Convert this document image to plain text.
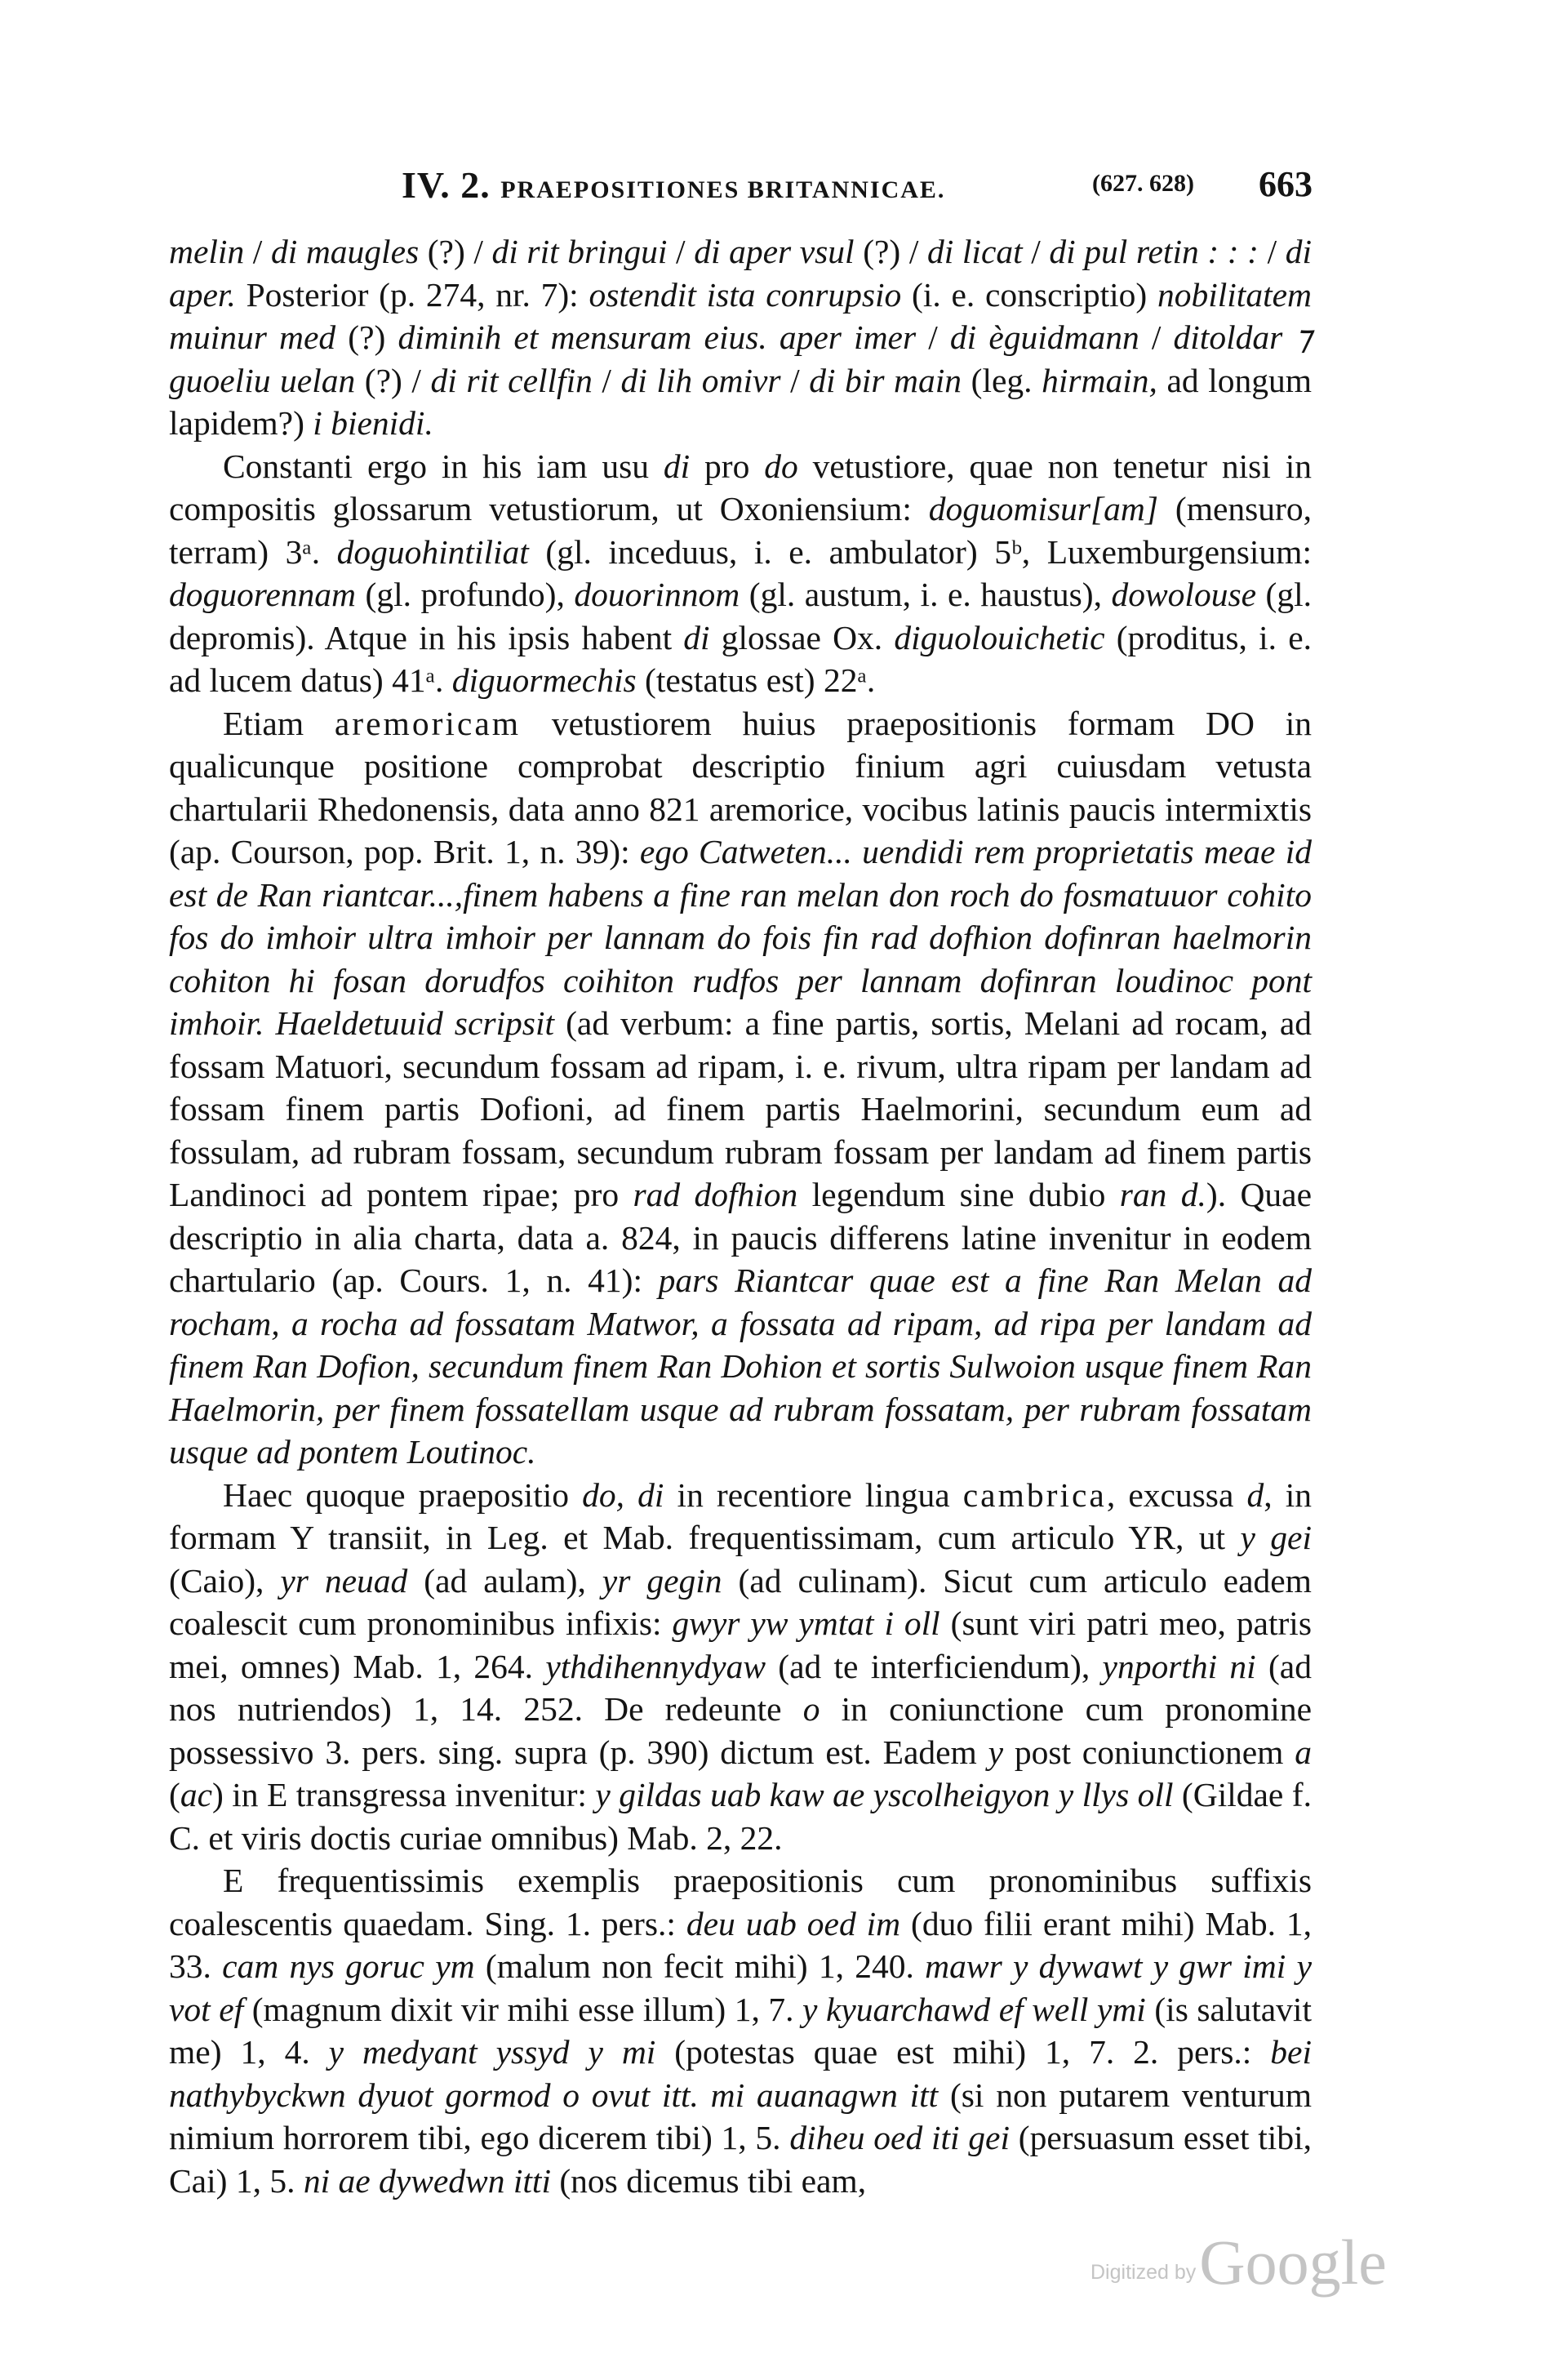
IV. 2. PRAEPOSITIONES BRITANNICAE.	(627. 628) 663

melin / di maugles (?) / di rit bringui / di aper vsul (?) / di licat / di pul retin : : : / di aper. Posterior (p. 274, nr. 7): ostendit ista conrupsio (i. e. conscriptio) nobilitatem muinur med (?) diminih et mensuram eius. aper imer / di èguidmann / ditoldar ⁊ guoeliu uelan (?) / di rit cellfin / di lih omivr / di bir main (leg. hirmain, ad longum lapidem?) i bienidi.

Constanti ergo in his iam usu di pro do vetustiore, quae non tenetur nisi in compositis glossarum vetustiorum, ut Oxoniensium: doguomisur[am] (mensuro, terram) 3ᵃ. doguohintiliat (gl. inceduus, i. e. ambulator) 5ᵇ, Luxemburgensium: doguorennam (gl. profundo), douorinnom (gl. austum, i. e. haustus), dowolouse (gl. depromis). Atque in his ipsis habent di glossae Ox. diguolouichetic (proditus, i. e. ad lucem datus) 41ᵃ. diguormechis (testatus est) 22ᵃ.

Etiam aremoricam vetustiorem huius praepositionis formam DO in qualicunque positione comprobat descriptio finium agri cuiusdam vetusta chartularii Rhedonensis, data anno 821 aremorice, vocibus latinis paucis intermixtis (ap. Courson, pop. Brit. 1, n. 39): ego Catweten... uendidi rem proprietatis meae id est de Ran riantcar...,finem habens a fine ran melan don roch do fosmatuuor cohito fos do imhoir ultra imhoir per lannam do fois fin rad dofhion dofinran haelmorin cohiton hi fosan dorudfos coihiton rudfos per lannam dofinran loudinoc pont imhoir. Haeldetuuid scripsit (ad verbum: a fine partis, sortis, Melani ad rocam, ad fossam Matuori, secundum fossam ad ripam, i. e. rivum, ultra ripam per landam ad fossam finem partis Dofioni, ad finem partis Haelmorini, secundum eum ad fossulam, ad rubram fossam, secundum rubram fossam per landam ad finem partis Landinoci ad pontem ripae; pro rad dofhion legendum sine dubio ran d.). Quae descriptio in alia charta, data a. 824, in paucis differens latine invenitur in eodem chartulario (ap. Cours. 1, n. 41): pars Riantcar quae est a fine Ran Melan ad rocham, a rocha ad fossatam Matwor, a fossata ad ripam, ad ripa per landam ad finem Ran Dofion, secundum finem Ran Dohion et sortis Sulwoion usque finem Ran Haelmorin, per finem fossatellam usque ad rubram fossatam, per rubram fossatam usque ad pontem Loutinoc.

Haec quoque praepositio do, di in recentiore lingua cambrica, excussa d, in formam Y transiit, in Leg. et Mab. frequentissimam, cum articulo YR, ut y gei (Caio), yr neuad (ad aulam), yr gegin (ad culinam). Sicut cum articulo eadem coalescit cum pronominibus infixis: gwyr yw ymtat i oll (sunt viri patri meo, patris mei, omnes) Mab. 1, 264. ythdihennydyaw (ad te interficiendum), ynporthi ni (ad nos nutriendos) 1, 14. 252. De redeunte o in coniunctione cum pronomine possessivo 3. pers. sing. supra (p. 390) dictum est. Eadem y post coniunctionem a (ac) in E transgressa invenitur: y gildas uab kaw ae yscolheigyon y llys oll (Gildae f. C. et viris doctis curiae omnibus) Mab. 2, 22.

E frequentissimis exemplis praepositionis cum pronominibus suffixis coalescentis quaedam. Sing. 1. pers.: deu uab oed im (duo filii erant mihi) Mab. 1, 33. cam nys goruc ym (malum non fecit mihi) 1, 240. mawr y dywawt y gwr imi y vot ef (magnum dixit vir mihi esse illum) 1, 7. y kyuarchawd ef well ymi (is salutavit me) 1, 4. y medyant yssyd y mi (potestas quae est mihi) 1, 7. 2. pers.: bei nathybyckwn dyuot gormod o ovut itt. mi auanagwn itt (si non putarem venturum nimium horrorem tibi, ego dicerem tibi) 1, 5. diheu oed iti gei (persuasum esset tibi, Cai) 1, 5. ni ae dywedwn itti (nos dicemus tibi eam,

Digitized by Google
